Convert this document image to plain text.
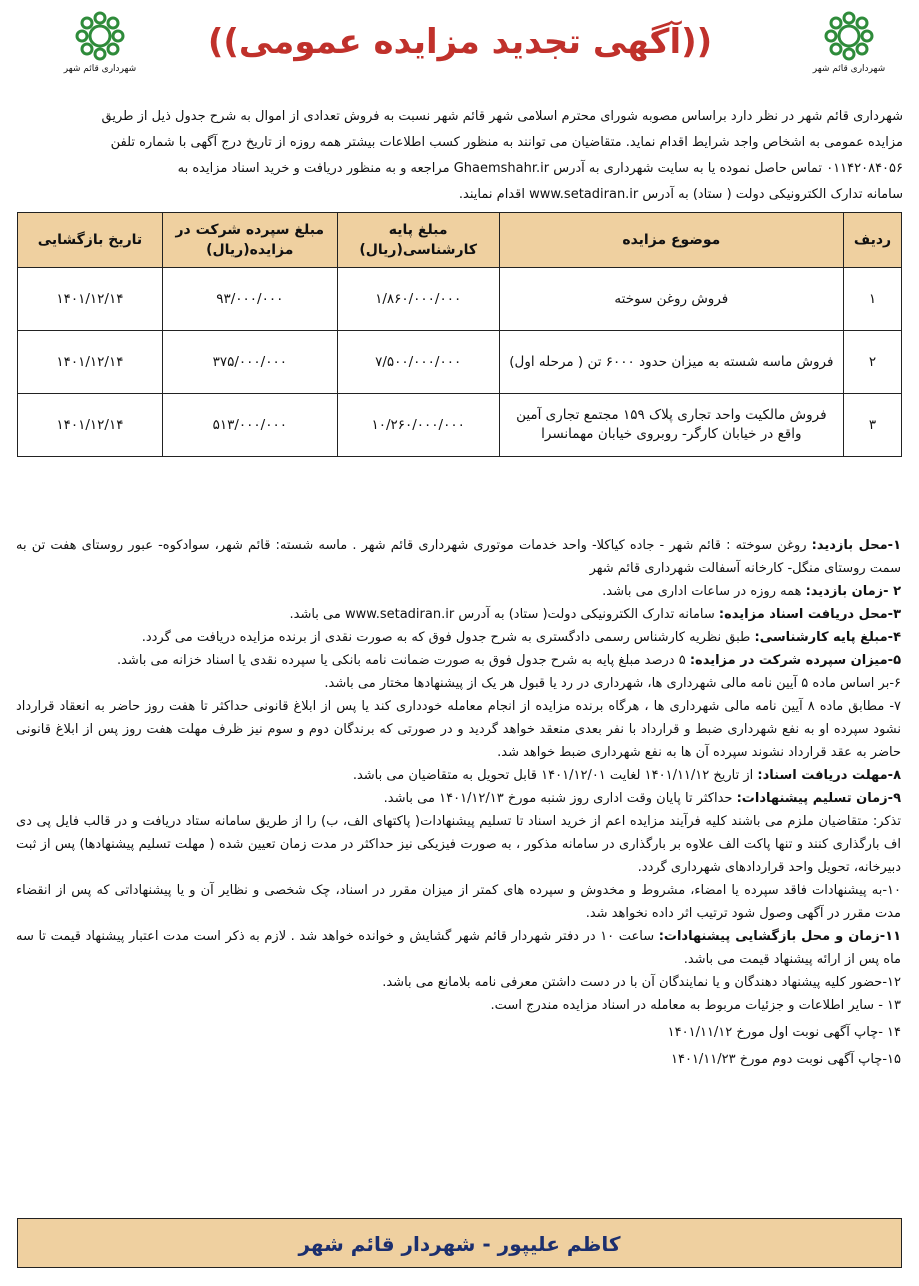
شهرداری قائم شهر
شهرداری قائم شهر
((آگهی تجدید مزایده عمومی))
شهرداری قائم شهر در نظر دارد براساس مصوبه شورای محترم اسلامی شهر قائم شهر نسبت به فروش تعدادی از اموال به شرح جدول ذیل از طریق
مزایده عمومی به اشخاص واجد شرایط اقدام نماید. متقاضیان می توانند به منظور کسب اطلاعات بیشتر همه روزه از تاریخ درج آگهی با شماره تلفن
۰۱۱۴۲۰۸۴۰۵۶ تماس حاصل نموده یا به سایت شهرداری به آدرس Ghaemshahr.ir مراجعه و به منظور دریافت و خرید اسناد مزایده به
سامانه تدارک الکترونیکی دولت ( ستاد) به آدرس www.setadiran.ir اقدام نمایند.
ردیف	موضوع مزایده	مبلغ پایه کارشناسی(ریال)	مبلغ سپرده شرکت در مزایده(ریال)	تاریخ بازگشایی
۱	فروش روغن سوخته	۱/۸۶۰/۰۰۰/۰۰۰	۹۳/۰۰۰/۰۰۰	۱۴۰۱/۱۲/۱۴
۲	فروش ماسه شسته به میزان حدود ۶۰۰۰ تن ( مرحله اول)	۷/۵۰۰/۰۰۰/۰۰۰	۳۷۵/۰۰۰/۰۰۰	۱۴۰۱/۱۲/۱۴
۳	فروش مالکیت واحد تجاری پلاک ۱۵۹ مجتمع تجاری آمین واقع در خیابان کارگر- روبروی خیابان مهمانسرا	۱۰/۲۶۰/۰۰۰/۰۰۰	۵۱۳/۰۰۰/۰۰۰	۱۴۰۱/۱۲/۱۴
۱-محل بازدید: روغن سوخته : قائم شهر - جاده کیاکلا- واحد خدمات موتوری شهرداری قائم شهر . ماسه شسته: قائم شهر، سوادکوه- عبور روستای هفت تن به سمت روستای منگل- کارخانه آسفالت شهرداری قائم شهر
۲ -زمان بازدید: همه روزه در ساعات اداری می باشد.
۳-محل دریافت اسناد مزایده: سامانه تدارک الکترونیکی دولت( ستاد) به آدرس www.setadiran.ir می باشد.
۴-مبلغ پایه کارشناسی: طبق نظریه کارشناس رسمی دادگستری به شرح جدول فوق که به صورت نقدی از برنده مزایده دریافت می گردد.
۵-میزان سپرده شرکت در مزایده: ۵ درصد مبلغ پایه به شرح جدول فوق به صورت ضمانت نامه بانکی یا سپرده نقدی یا اسناد خزانه می باشد.
۶-بر اساس ماده ۵ آیین نامه مالی شهرداری ها، شهرداری در رد یا قبول هر یک از پیشنهادها مختار می باشد.
۷- مطابق ماده ۸ آیین نامه مالی شهرداری ها ، هرگاه برنده مزایده از انجام معامله خودداری کند یا پس از ابلاغ قانونی حداکثر تا هفت روز حاضر به انعقاد قرارداد نشود سپرده او به نفع شهرداری ضبط و قرارداد با نفر بعدی منعقد خواهد گردید و در صورتی که برندگان دوم و سوم نیز ظرف مهلت هفت روز پس از ابلاغ قانونی حاضر به عقد قرارداد نشوند سپرده آن ها به نفع شهرداری ضبط خواهد شد.
۸-مهلت دریافت اسناد: از تاریخ ۱۴۰۱/۱۱/۱۲ لغایت ۱۴۰۱/۱۲/۰۱ قابل تحویل به متقاضیان می باشد.
۹-زمان تسلیم پیشنهادات: حداکثر تا پایان وقت اداری روز شنبه مورخ ۱۴۰۱/۱۲/۱۳ می باشد.
تذکر: متقاضیان ملزم می باشند کلیه فرآیند مزایده اعم از خرید اسناد تا تسلیم پیشنهادات( پاکتهای الف، ب) را از طریق سامانه ستاد دریافت و در قالب فایل پی دی اف بارگذاری کنند و تنها پاکت الف علاوه بر بارگذاری در سامانه مذکور ، به صورت فیزیکی نیز حداکثر در مدت زمان تعیین شده ( مهلت تسلیم پیشنهادها) پس از ثبت دبیرخانه، تحویل واحد قراردادهای شهرداری گردد.
۱۰-به پیشنهادات فاقد سپرده یا امضاء، مشروط و مخدوش و سپرده های کمتر از میزان مقرر در اسناد، چک شخصی و نظایر آن و یا پیشنهاداتی که پس از انقضاء مدت مقرر در آگهی وصول شود ترتیب اثر داده نخواهد شد.
۱۱-زمان و محل بازگشایی پیشنهادات: ساعت ۱۰ در دفتر شهردار قائم شهر گشایش و خوانده خواهد شد . لازم به ذکر است مدت اعتبار پیشنهاد قیمت تا سه ماه پس از ارائه پیشنهاد قیمت می باشد.
۱۲-حضور کلیه پیشنهاد دهندگان و یا نمایندگان آن با در دست داشتن معرفی نامه بلامانع می باشد.
۱۳ - سایر اطلاعات و جزئیات مربوط به معامله در اسناد مزایده مندرج است.
۱۴ -چاپ آگهی نوبت اول مورخ ۱۴۰۱/۱۱/۱۲
۱۵-چاپ آگهی نوبت دوم مورخ ۱۴۰۱/۱۱/۲۳
کاظم علیپور - شهردار قائم شهر
